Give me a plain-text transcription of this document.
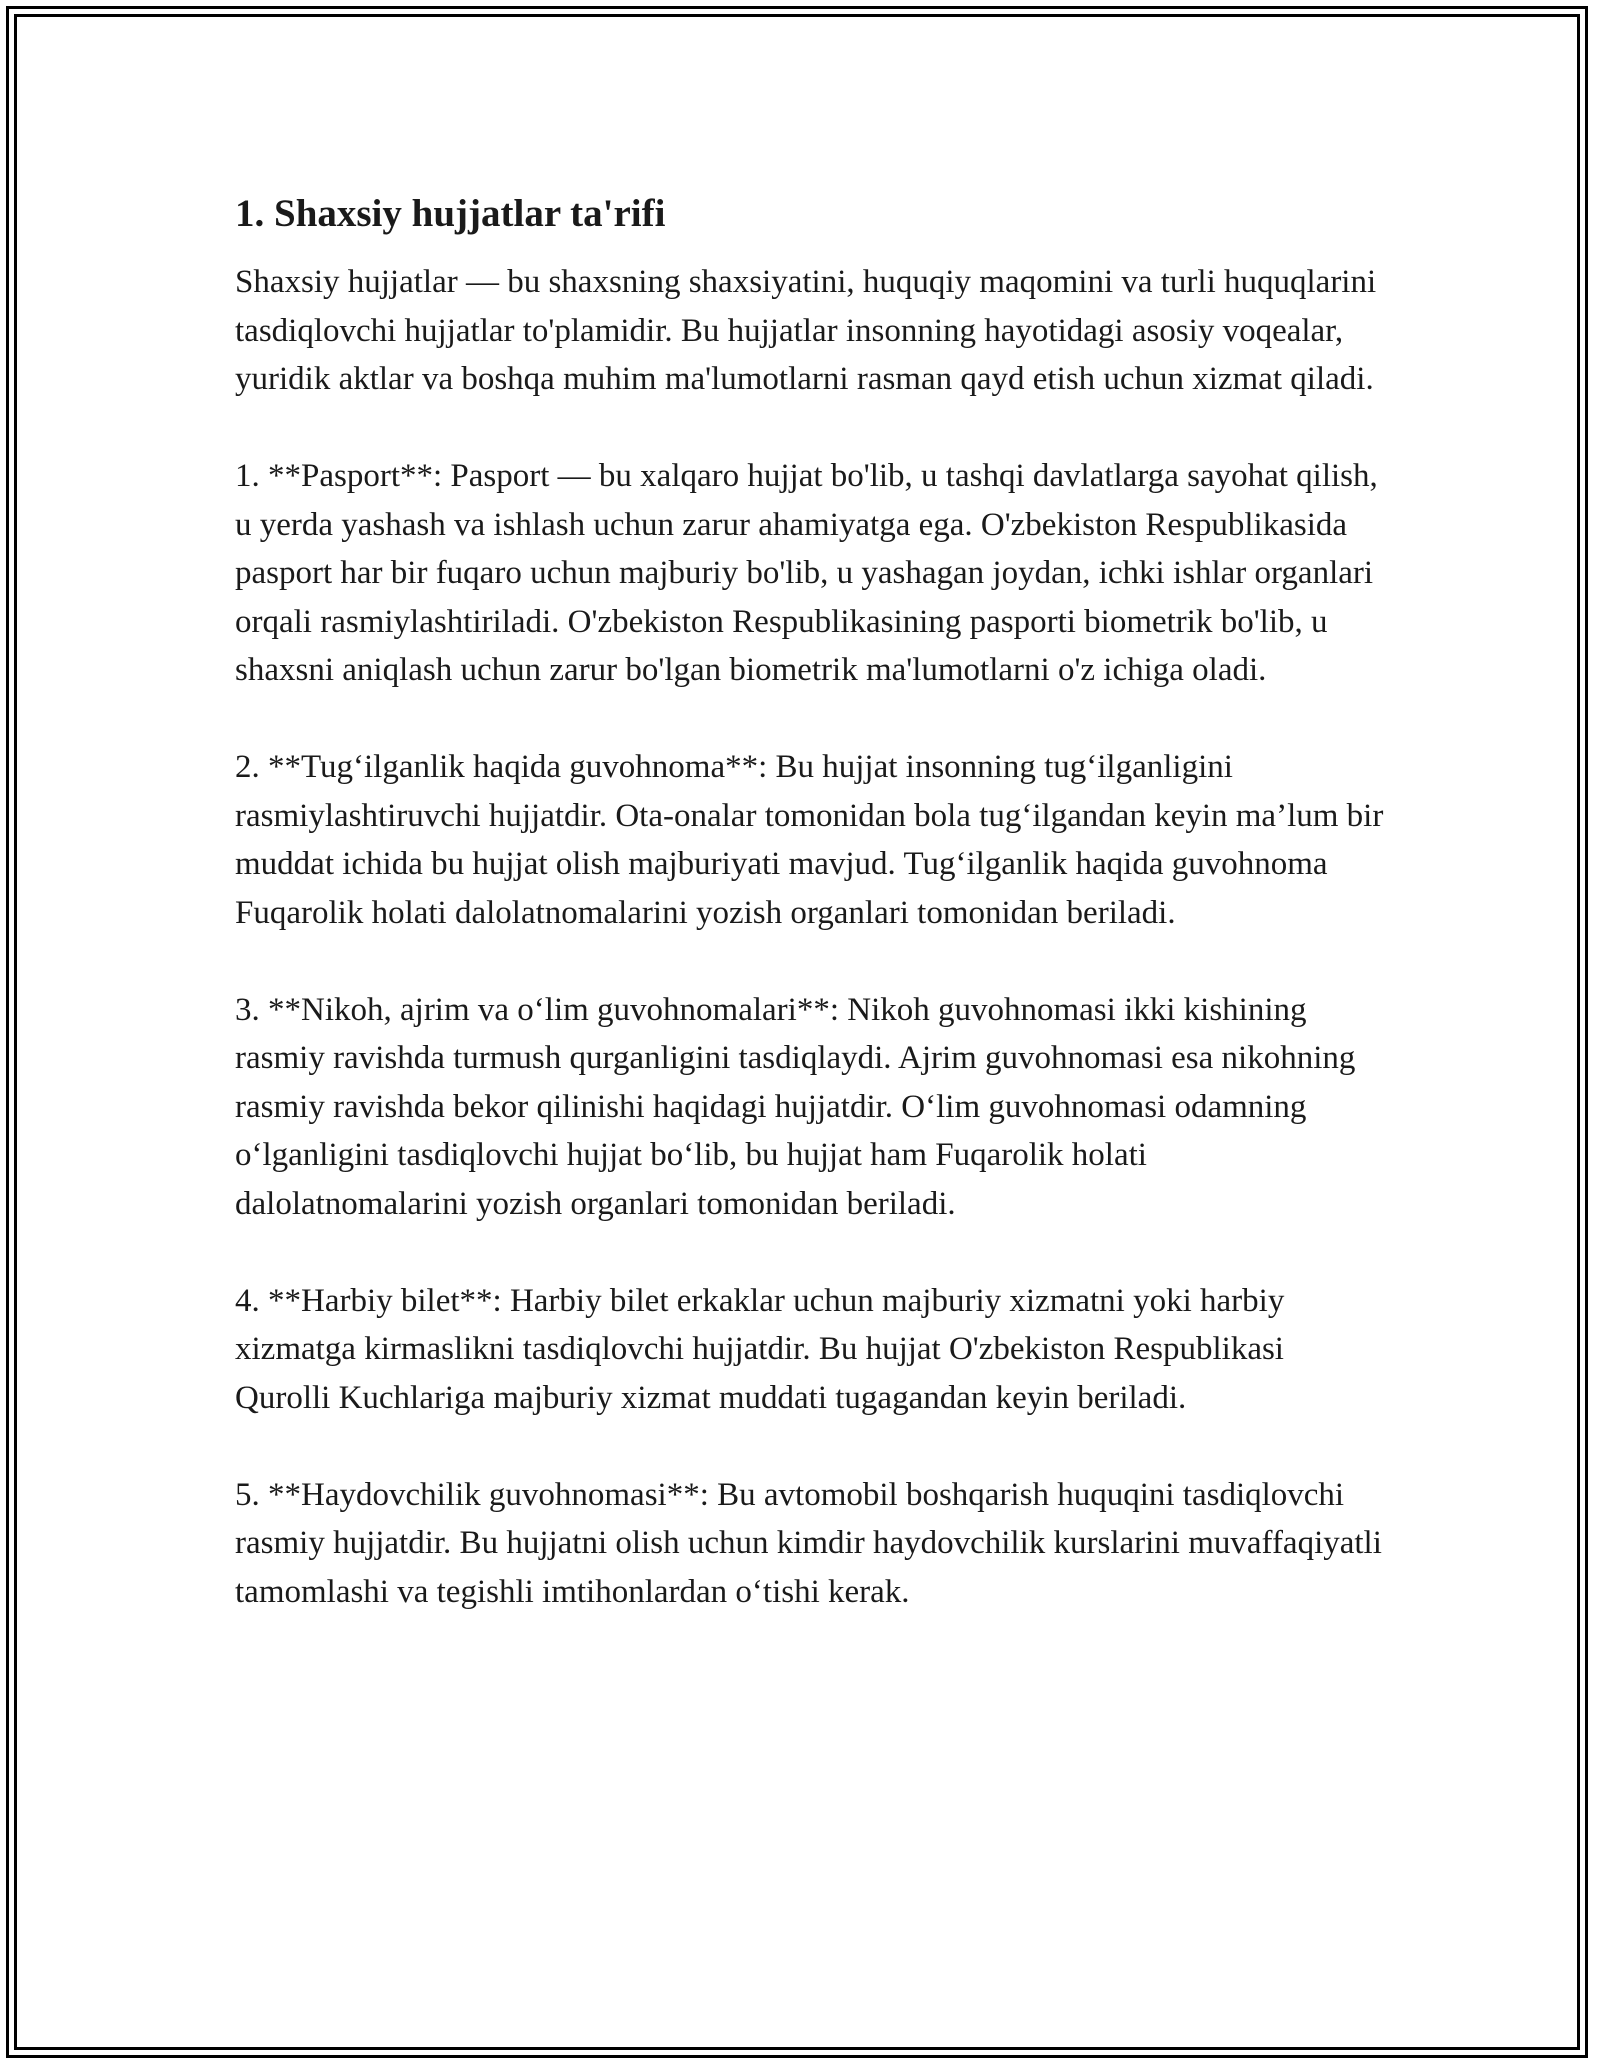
1. Shaxsiy hujjatlar ta'rifi

Shaxsiy hujjatlar — bu shaxsning shaxsiyatini, huquqiy maqomini va turli huquqlarini tasdiqlovchi hujjatlar to'plamidir. Bu hujjatlar insonning hayotidagi asosiy voqealar, yuridik aktlar va boshqa muhim ma'lumotlarni rasman qayd etish uchun xizmat qiladi.

1. **Pasport**: Pasport — bu xalqaro hujjat bo'lib, u tashqi davlatlarga sayohat qilish, u yerda yashash va ishlash uchun zarur ahamiyatga ega. O'zbekiston Respublikasida pasport har bir fuqaro uchun majburiy bo'lib, u yashagan joydan, ichki ishlar organlari orqali rasmiylashtiriladi. O'zbekiston Respublikasining pasporti biometrik bo'lib, u shaxsni aniqlash uchun zarur bo'lgan biometrik ma'lumotlarni o'z ichiga oladi.

2. **Tug‘ilganlik haqida guvohnoma**: Bu hujjat insonning tug‘ilganligini rasmiylashtiruvchi hujjatdir. Ota-onalar tomonidan bola tug‘ilgandan keyin ma’lum bir muddat ichida bu hujjat olish majburiyati mavjud. Tug‘ilganlik haqida guvohnoma Fuqarolik holati dalolatnomalarini yozish organlari tomonidan beriladi.

3. **Nikoh, ajrim va o‘lim guvohnomalari**: Nikoh guvohnomasi ikki kishining rasmiy ravishda turmush qurganligini tasdiqlaydi. Ajrim guvohnomasi esa nikohning rasmiy ravishda bekor qilinishi haqidagi hujjatdir. O‘lim guvohnomasi odamning o‘lganligini tasdiqlovchi hujjat bo‘lib, bu hujjat ham Fuqarolik holati dalolatnomalarini yozish organlari tomonidan beriladi.

4. **Harbiy bilet**: Harbiy bilet erkaklar uchun majburiy xizmatni yoki harbiy xizmatga kirmaslikni tasdiqlovchi hujjatdir. Bu hujjat O'zbekiston Respublikasi Qurolli Kuchlariga majburiy xizmat muddati tugagandan keyin beriladi.

5. **Haydovchilik guvohnomasi**: Bu avtomobil boshqarish huquqini tasdiqlovchi rasmiy hujjatdir. Bu hujjatni olish uchun kimdir haydovchilik kurslarini muvaffaqiyatli tamomlashi va tegishli imtihonlardan o‘tishi kerak.
